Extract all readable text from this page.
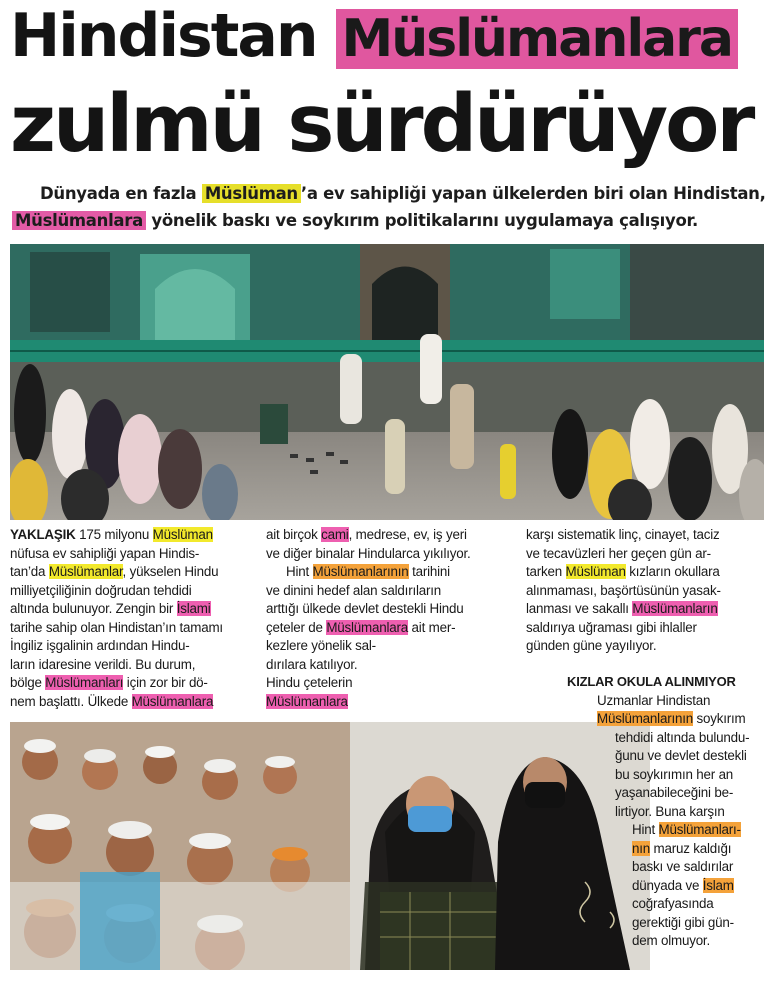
Hindistan Müslümanlara
zulmü sürdürüyor
Dünyada en fazla Müslüman ’a ev sahipliği yapan ülkelerden biri olan Hindistan,
Müslümanlara yönelik baskı ve soykırım politikalarını uygulamaya çalışıyor.
YAKLAŞIK 175 milyonu Müslüman
nüfusa ev sahipliği yapan Hindis-
tan’da Müslümanlar, yükselen Hindu
milliyetçiliğinin doğrudan tehdidi
altında bulunuyor. Zengin bir İslami
tarihe sahip olan Hindistan’ın tamamı
İngiliz işgalinin ardından Hindu-
ların idaresine verildi. Bu durum,
bölge Müslümanları için zor bir dö-
nem başlattı. Ülkede Müslümanlara
ait birçok cami, medrese, ev, iş yeri
ve diğer binalar Hindularca yıkılıyor.
Hint Müslümanlarının tarihini
ve dinini hedef alan saldırıların
arttığı ülkede devlet destekli Hindu
çeteler de Müslümanlara ait mer-
kezlere yönelik sal-
dırılara katılıyor.
Hindu çetelerin
Müslümanlara
karşı sistematik linç, cinayet, taciz
ve tecavüzleri her geçen gün ar-
tarken Müslüman kızların okullara
alınmaması, başörtüsünün yasak-
lanması ve sakallı Müslümanların
saldırıya uğraması gibi ihlaller
günden güne yayılıyor.
KIZLAR OKULA ALINMIYOR
Uzmanlar Hindistan
Müslümanlarının soykırım
tehdidi altında bulundu-
ğunu ve devlet destekli
bu soykırımın her an
yaşanabileceğini be-
lirtiyor. Buna karşın
Hint Müslümanları-
nın maruz kaldığı
baskı ve saldırılar
dünyada ve İslam
coğrafyasında
gerektiği gibi gün-
dem olmuyor.
